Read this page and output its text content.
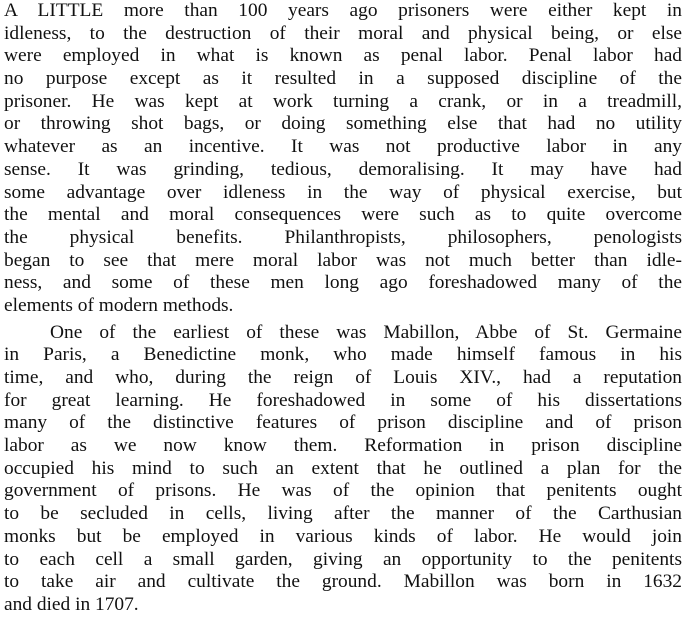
A LITTLE more than 100 years ago prisoners were either kept in
idleness, to the destruction of their moral and physical being, or else
were employed in what is known as penal labor. Penal labor had
no purpose except as it resulted in a supposed discipline of the
prisoner. He was kept at work turning a crank, or in a treadmill,
or throwing shot bags, or doing something else that had no utility
whatever as an incentive. It was not productive labor in any
sense. It was grinding, tedious, demoralising. It may have had
some advantage over idleness in the way of physical exercise, but
the mental and moral consequences were such as to quite overcome
the physical benefits. Philanthropists, philosophers, penologists
began to see that mere moral labor was not much better than idle-
ness, and some of these men long ago foreshadowed many of the
elements of modern methods.

One of the earliest of these was Mabillon, Abbe of St. Germaine
in Paris, a Benedictine monk, who made himself famous in his
time, and who, during the reign of Louis XIV., had a reputation
for great learning. He foreshadowed in some of his dissertations
many of the distinctive features of prison discipline and of prison
labor as we now know them. Reformation in prison discipline
occupied his mind to such an extent that he outlined a plan for the
government of prisons. He was of the opinion that penitents ought
to be secluded in cells, living after the manner of the Carthusian
monks but be employed in various kinds of labor. He would join
to each cell a small garden, giving an opportunity to the penitents
to take air and cultivate the ground. Mabillon was born in 1632
and died in 1707.
